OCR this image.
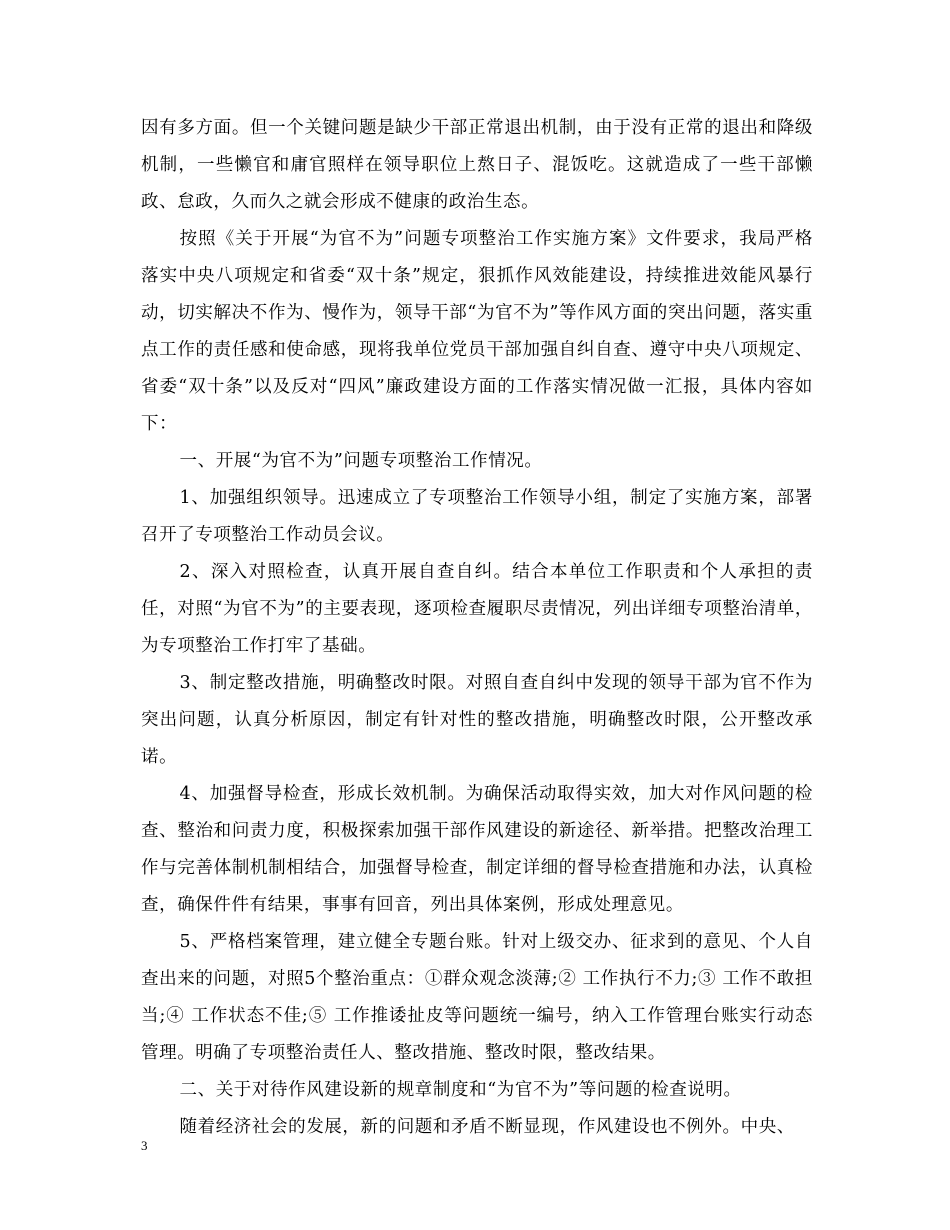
因有多方面。但一个关键问题是缺少干部正常退出机制，由于没有正常的退出和降级机制，一些懒官和庸官照样在领导职位上熬日子、混饭吃。这就造成了一些干部懒政、怠政，久而久之就会形成不健康的政治生态。

按照《关于开展“为官不为”问题专项整治工作实施方案》文件要求，我局严格落实中央八项规定和省委“双十条”规定，狠抓作风效能建设，持续推进效能风暴行动，切实解决不作为、慢作为，领导干部“为官不为”等作风方面的突出问题，落实重点工作的责任感和使命感，现将我单位党员干部加强自纠自查、遵守中央八项规定、省委“双十条”以及反对“四风”廉政建设方面的工作落实情况做一汇报，具体内容如下：

一、开展“为官不为”问题专项整治工作情况。

1、加强组织领导。迅速成立了专项整治工作领导小组，制定了实施方案，部署召开了专项整治工作动员会议。

2、深入对照检查，认真开展自查自纠。结合本单位工作职责和个人承担的责任，对照“为官不为”的主要表现，逐项检查履职尽责情况，列出详细专项整治清单，为专项整治工作打牢了基础。

3、制定整改措施，明确整改时限。对照自查自纠中发现的领导干部为官不作为突出问题，认真分析原因，制定有针对性的整改措施，明确整改时限，公开整改承诺。

4、加强督导检查，形成长效机制。为确保活动取得实效，加大对作风问题的检查、整治和问责力度，积极探索加强干部作风建设的新途径、新举措。把整改治理工作与完善体制机制相结合，加强督导检查，制定详细的督导检查措施和办法，认真检查，确保件件有结果，事事有回音，列出具体案例，形成处理意见。

5、严格档案管理，建立健全专题台账。针对上级交办、征求到的意见、个人自查出来的问题，对照5个整治重点：①群众观念淡薄;② 工作执行不力;③ 工作不敢担当;④ 工作状态不佳;⑤ 工作推诿扯皮等问题统一编号，纳入工作管理台账实行动态管理。明确了专项整治责任人、整改措施、整改时限，整改结果。

二、关于对待作风建设新的规章制度和“为官不为”等问题的检查说明。

随着经济社会的发展，新的问题和矛盾不断显现，作风建设也不例外。中央、

3
